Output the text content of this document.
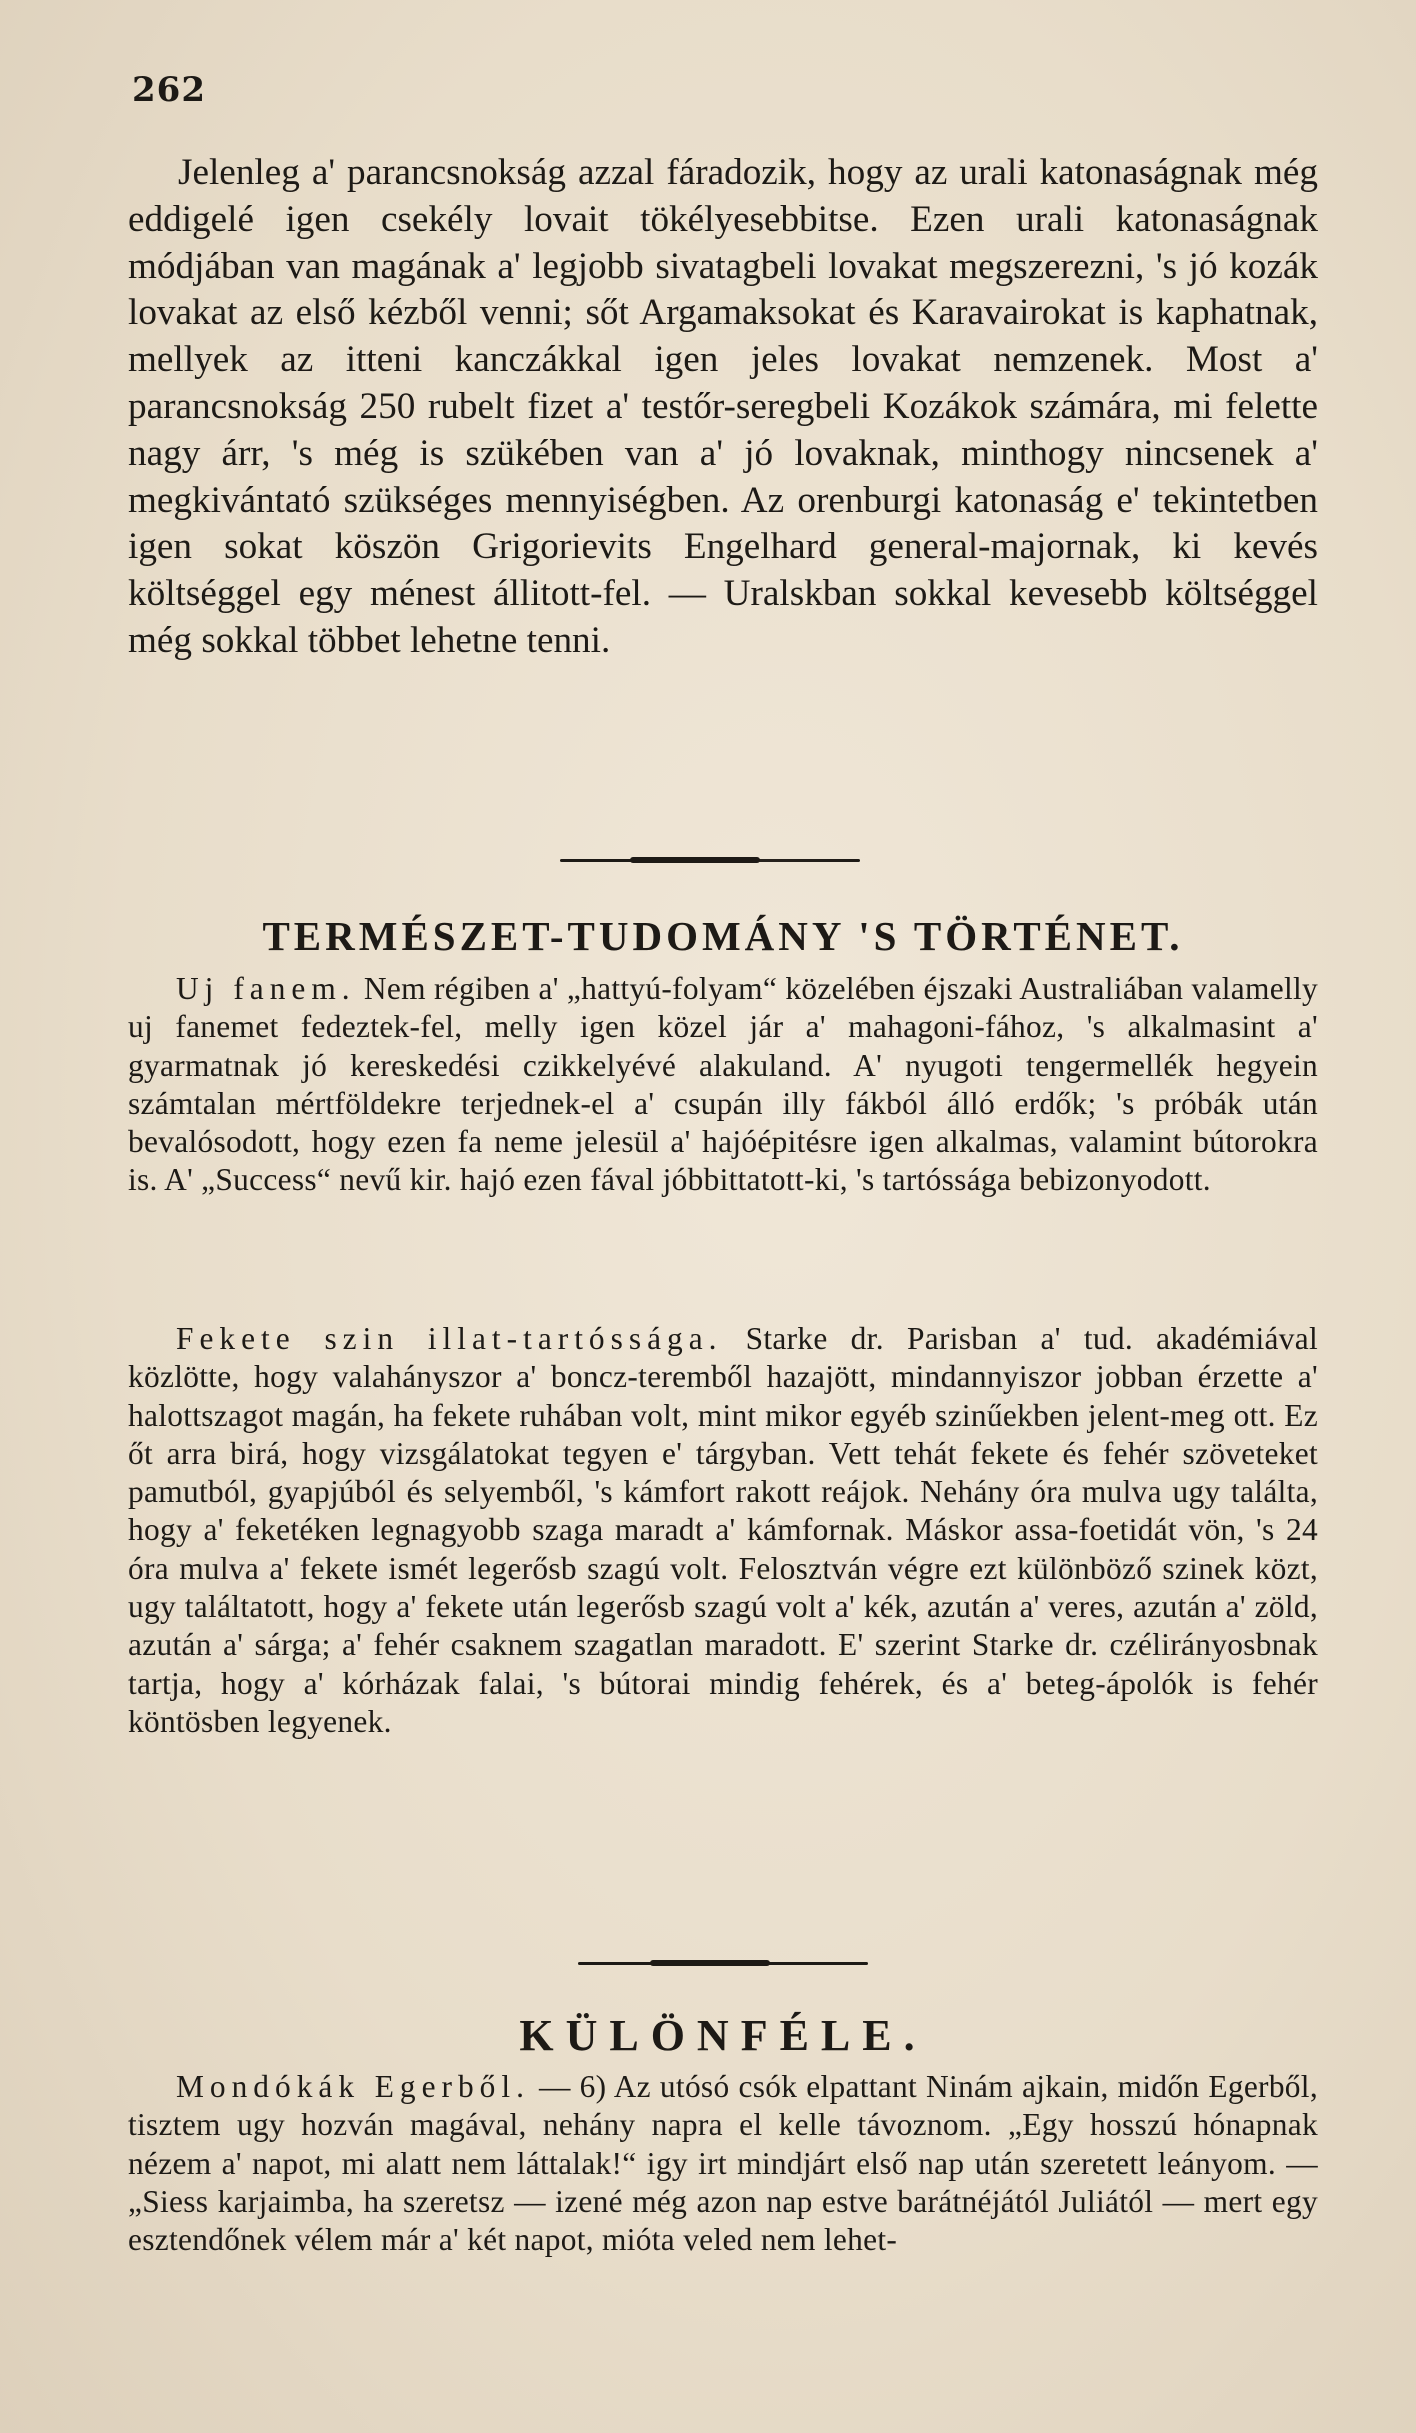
262

Jelenleg a' parancsnokság azzal fáradozik, hogy az urali katonaságnak még eddigelé igen csekély lovait tökélyesebbitse. Ezen urali katonaságnak módjában van magának a' legjobb sivatagbeli lovakat megszerezni, 's jó kozák lovakat az első kézből venni; sőt Argamaksokat és Karavairokat is kaphatnak, mellyek az itteni kanczákkal igen jeles lovakat nemzenek. Most a' parancsnokság 250 rubelt fizet a' testőr-seregbeli Kozákok számára, mi felette nagy árr, 's még is szükében van a' jó lovaknak, minthogy nincsenek a' megkivántató szükséges mennyiségben. Az orenburgi katonaság e' tekintetben igen sokat köszön Grigorievits Engelhard general-majornak, ki kevés költséggel egy ménest állitott-fel. — Uralskban sokkal kevesebb költséggel még sokkal többet lehetne tenni.

TERMÉSZET-TUDOMÁNY 'S TÖRTÉNET.

Uj fanem. Nem régiben a' „hattyú-folyam“ közelében éjszaki Australiában valamelly uj fanemet fedeztek-fel, melly igen közel jár a' mahagoni-fához, 's alkalmasint a' gyarmatnak jó kereskedési czikkelyévé alakuland. A' nyugoti tengermellék hegyein számtalan mértföldekre terjednek-el a' csupán illy fákból álló erdők; 's próbák után bevalósodott, hogy ezen fa neme jelesül a' hajóépitésre igen alkalmas, valamint bútorokra is. A' „Success“ nevű kir. hajó ezen fával jóbbittatott-ki, 's tartóssága bebizonyodott.

Fekete szin illat-tartóssága. Starke dr. Parisban a' tud. akadémiával közlötte, hogy valahányszor a' boncz-teremből hazajött, mindannyiszor jobban érzette a' halottszagot magán, ha fekete ruhában volt, mint mikor egyéb szinűekben jelent-meg ott. Ez őt arra birá, hogy vizsgálatokat tegyen e' tárgyban. Vett tehát fekete és fehér szöveteket pamutból, gyapjúból és selyemből, 's kámfort rakott reájok. Nehány óra mulva ugy találta, hogy a' feketéken legnagyobb szaga maradt a' kámfornak. Máskor assa-foetidát vön, 's 24 óra mulva a' fekete ismét legerősb szagú volt. Felosztván végre ezt különböző szinek közt, ugy találtatott, hogy a' fekete után legerősb szagú volt a' kék, azután a' veres, azután a' zöld, azután a' sárga; a' fehér csaknem szagatlan maradott. E' szerint Starke dr. czélirányosbnak tartja, hogy a' kórházak falai, 's bútorai mindig fehérek, és a' beteg-ápolók is fehér köntösben legyenek.

KÜLÖNFÉLE.

Mondókák Egerből. — 6) Az utósó csók elpattant Ninám ajkain, midőn Egerből, tisztem ugy hozván magával, nehány napra el kelle távoznom. „Egy hosszú hónapnak nézem a' napot, mi alatt nem láttalak!“ igy irt mindjárt első nap után szeretett leányom. — „Siess karjaimba, ha szeretsz — izené még azon nap estve barátnéjától Juliától — mert egy esztendőnek vélem már a' két napot, mióta veled nem lehet-
